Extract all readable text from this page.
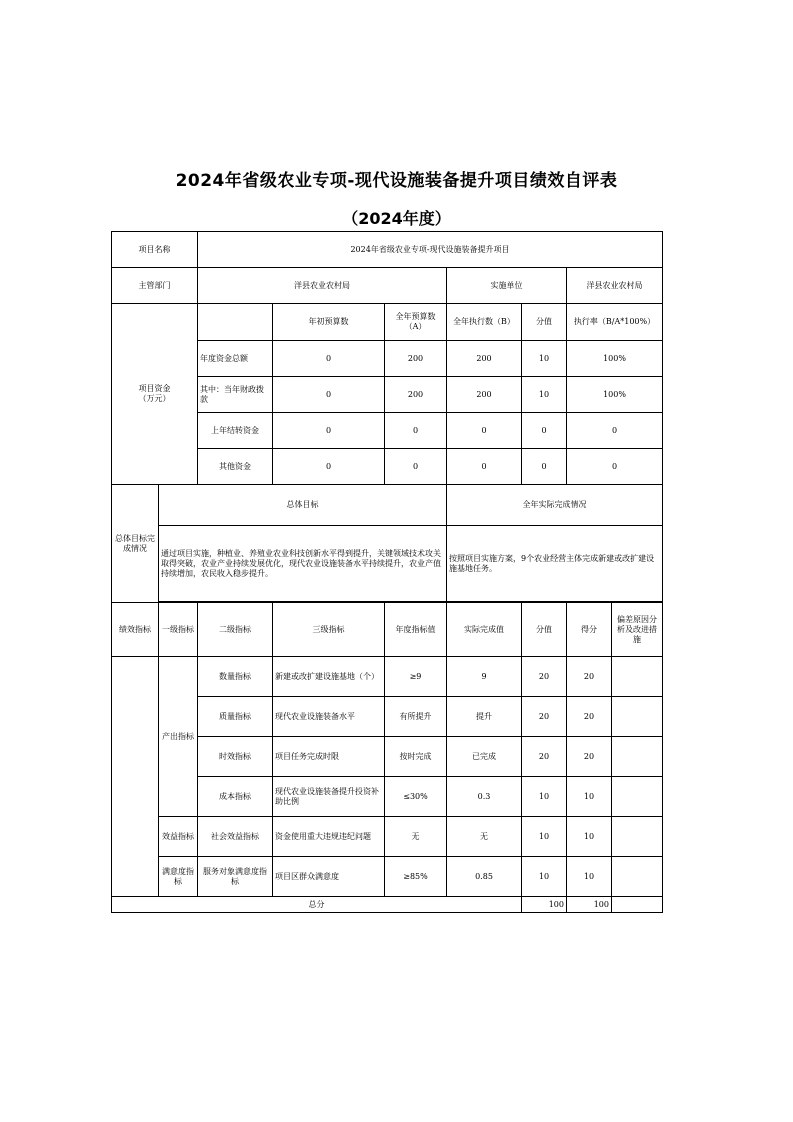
2024年省级农业专项-现代设施装备提升项目绩效自评表
（2024年度）
项目名称		2024年省级农业专项-现代设施装备提升项目							
主管部门		洋县农业农村局			实施单位		洋县农业农村局		
项目资金
（万元）			年初预算数	全年预算数（A）	全年执行数（B）	分值	执行率（B/A*100%）	
		年度资金总额	0	200	200	10	100%	
		其中：当年财政拨款	0	200	200	10	100%	
		上年结转资金	0	0	0	0	0	
		其他资金	0	0	0	0	0	
总体目标完成情况	总体目标				全年实际完成情况				
	通过项目实施，种植业、养殖业农业科技创新水平得到提升，关键领域技术攻关取得突破，农业产业持续发展优化，现代农业设施装备水平持续提升，农业产值持续增加，农民收入稳步提升。				按照项目实施方案，9个农业经营主体完成新建或改扩建设施基地任务。				

绩效指标	一级指标	二级指标	三级指标	年度指标值	实际完成值	分值	得分	偏差原因分析及改进措施	
	产出指标	数量指标	新建或改扩建设施基地（个）	≥9	9	20	20		
		质量指标	现代农业设施装备水平	有所提升	提升	20	20		
		时效指标	项目任务完成时限	按时完成	已完成	20	20		
		成本指标	现代农业设施装备提升投资补助比例	≤30%	0.3	10	10		
	效益指标	社会效益指标	资金使用重大违规违纪问题	无	无	10	10		
	满意度指标	服务对象满意度指标	项目区群众满意度	≥85%	0.85	10	10		
总分						100	100		
